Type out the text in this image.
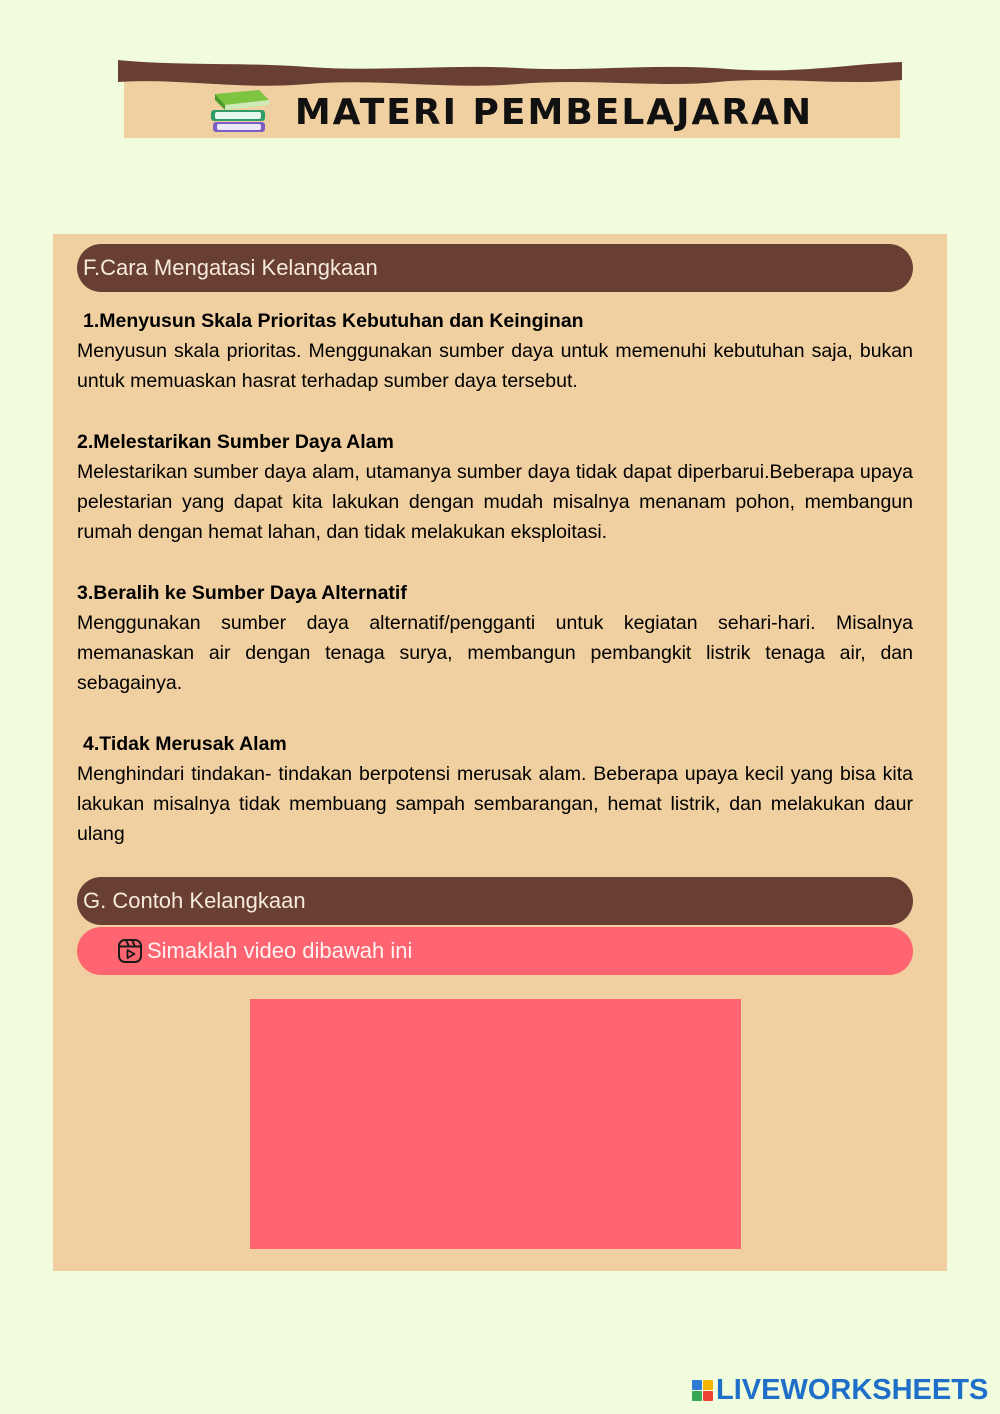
MATERI PEMBELAJARAN
F.Cara Mengatasi Kelangkaan
1.Menyusun Skala Prioritas Kebutuhan dan Keinginan

Menyusun skala prioritas. Menggunakan sumber daya untuk memenuhi kebutuhan saja, bukan untuk memuaskan hasrat terhadap sumber daya tersebut.

2.Melestarikan Sumber Daya Alam

Melestarikan sumber daya alam, utamanya sumber daya tidak dapat diperbarui.Beberapa upaya pelestarian yang dapat kita lakukan dengan mudah misalnya menanam pohon, membangun rumah dengan hemat lahan, dan tidak melakukan eksploitasi.

3.Beralih ke Sumber Daya Alternatif

Menggunakan sumber daya alternatif/pengganti untuk kegiatan sehari-hari. Misalnya memanaskan air dengan tenaga surya, membangun pembangkit listrik tenaga air, dan sebagainya.

4.Tidak Merusak Alam

Menghindari tindakan- tindakan berpotensi merusak alam. Beberapa upaya kecil yang bisa kita lakukan misalnya tidak membuang sampah sembarangan, hemat listrik, dan melakukan daur ulang

G. Contoh Kelangkaan
Simaklah video dibawah ini
LIVEWORKSHEETS
